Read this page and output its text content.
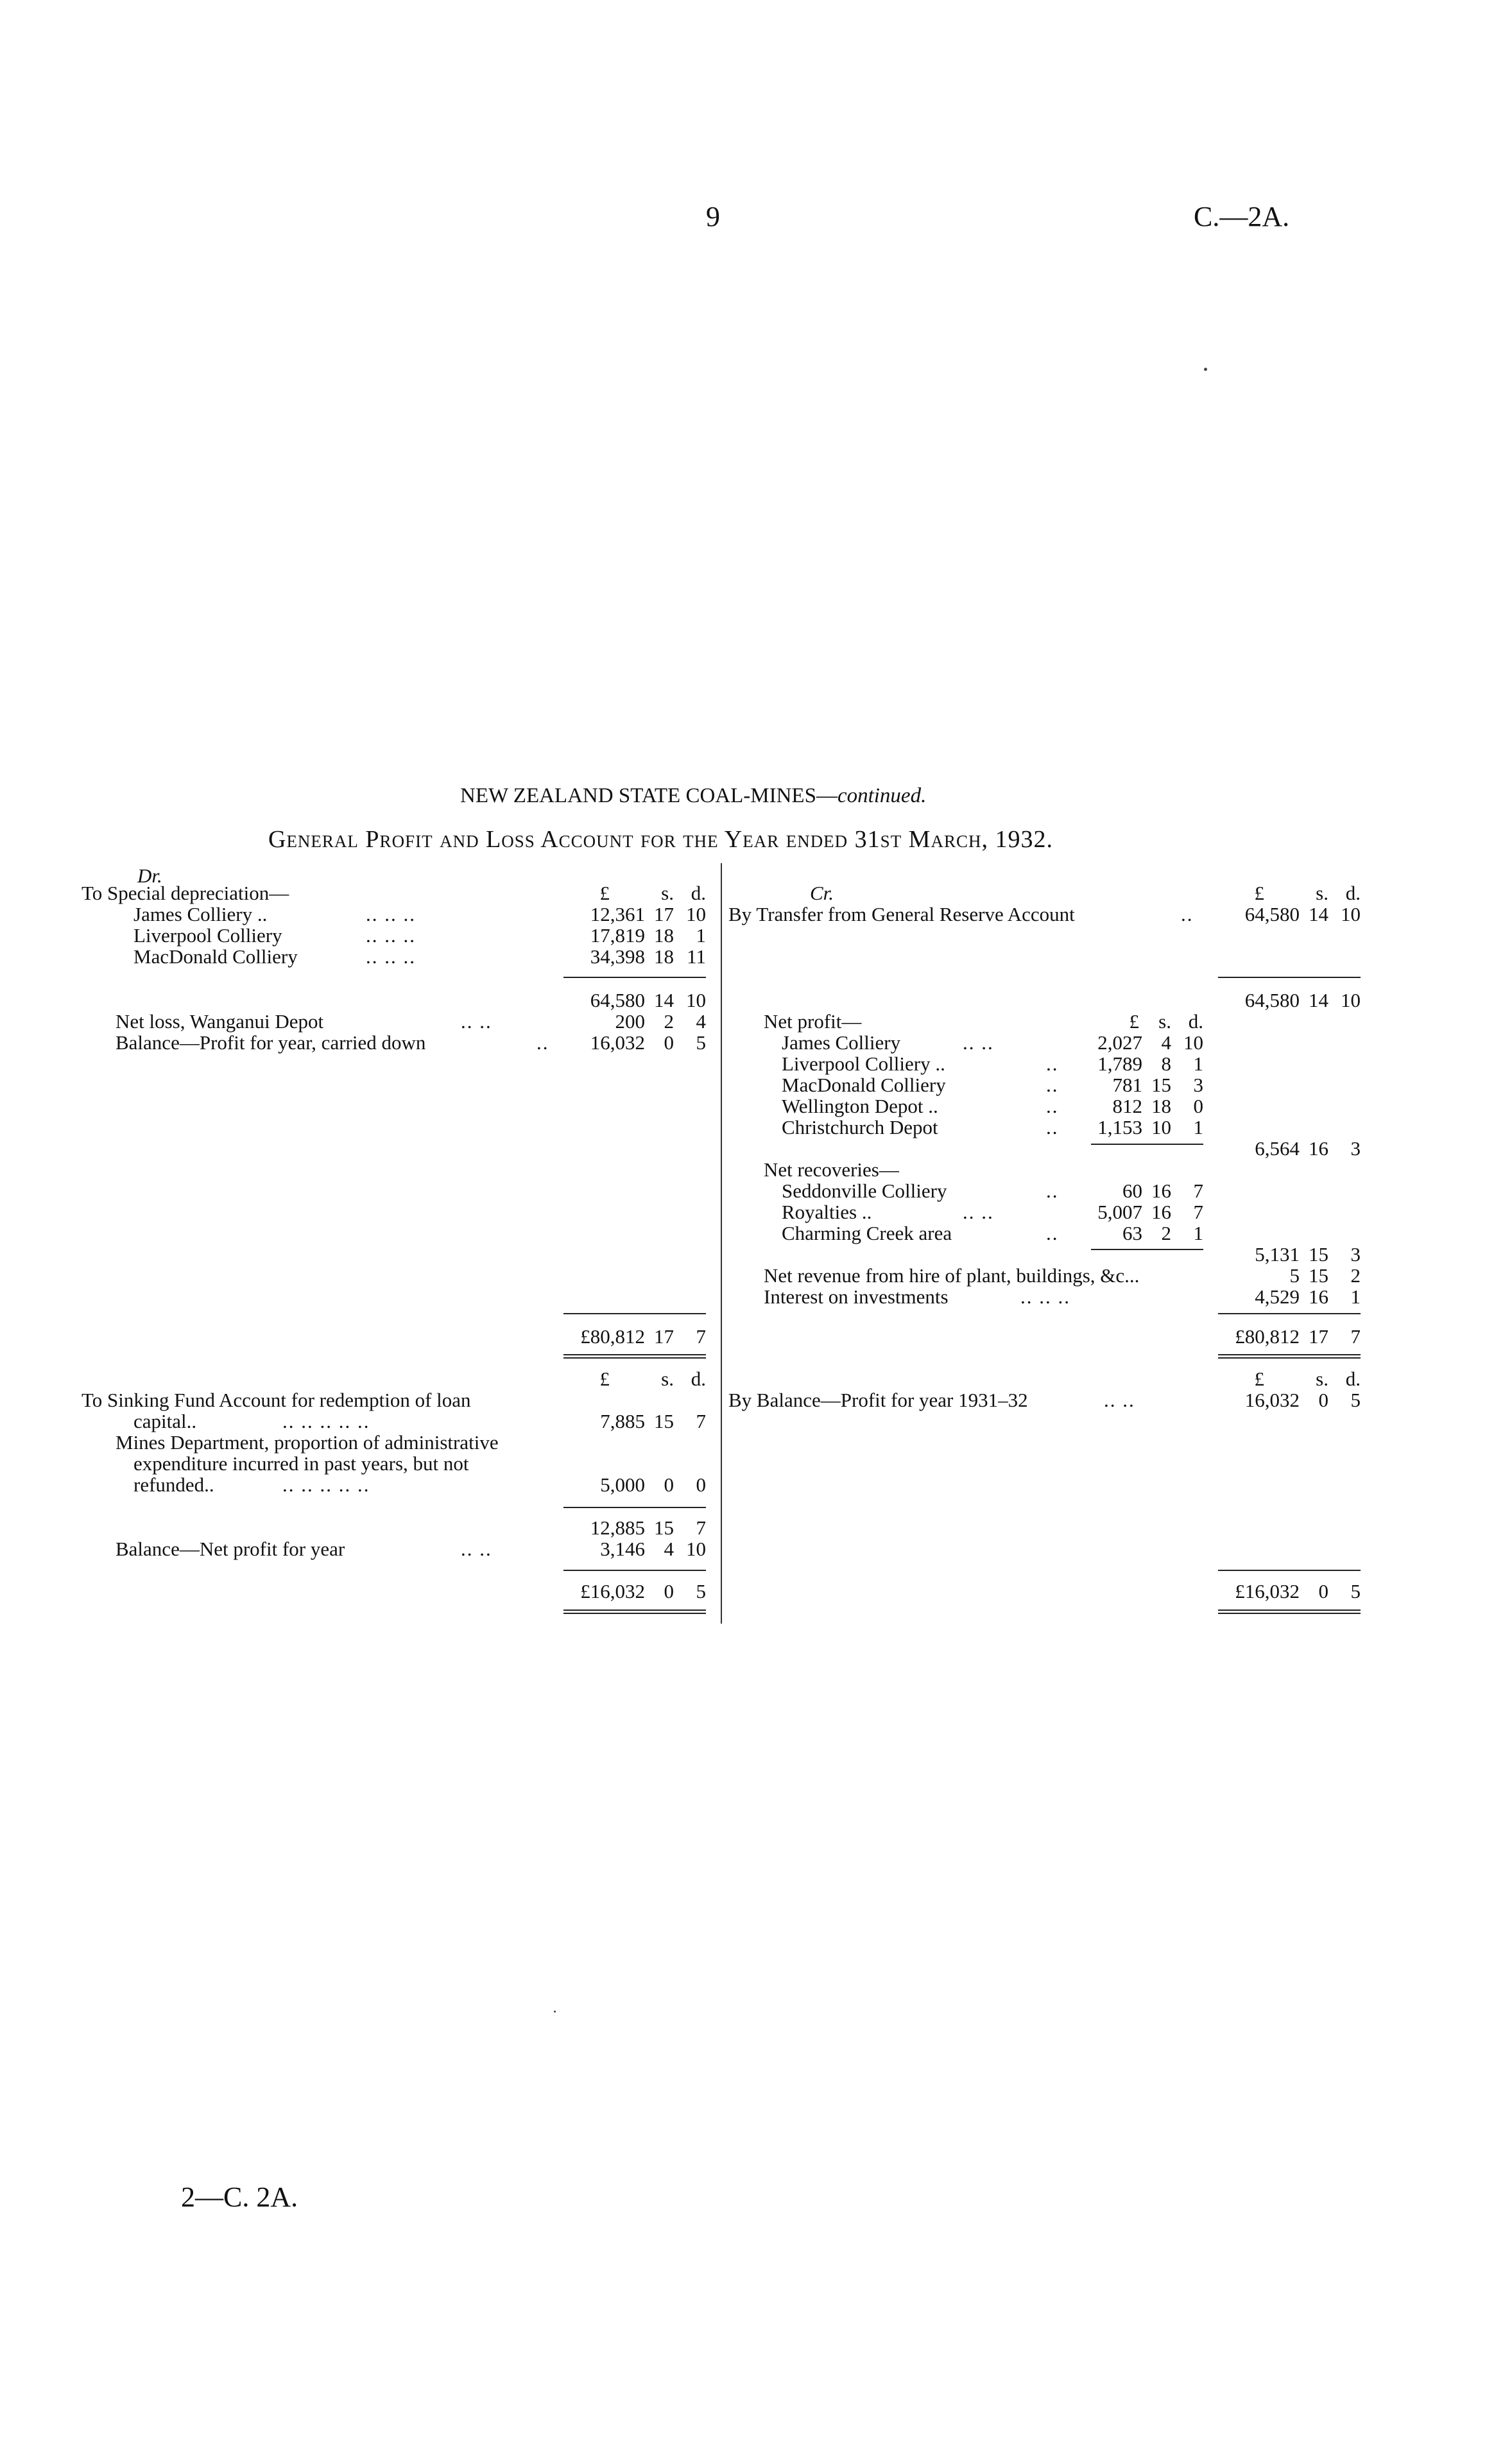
9	C.—2A.
NEW ZEALAND STATE COAL-MINES—continued.
General Profit and Loss Account for the Year ended 31st March, 1932.
Dr.
£	s. d.
To Special depreciation—
James Colliery ..	.. .. ..	12,361 17 10
Liverpool Colliery	.. .. ..	17,819 18	1
MacDonald Colliery	.. .. ..	34,398 18 11
64,580 14 10
Net loss, Wanganui Depot	.. ..	200 2	4
Balance—Profit for year, carried down	..	16,032 0	5
£80,812 17	7
£	s. d.
To Sinking Fund Account for redemption of loan
capital..	.. .. .. .. ..	7,885 15	7
Mines Department, proportion of administrative
expenditure incurred in past years, but not
refunded..	.. .. .. .. ..	5,000 0	0
12,885 15	7
Balance—Net profit for year	.. ..	3,146 4 10
£16,032 0	5
Cr.	£	s. d.
By Transfer from General Reserve Account	..	64,580 14 10
64,580 14 10
Net profit—	£ s. d.
James Colliery	.. ..	2,027 4 10
Liverpool Colliery ..	..	1,789 8	1
MacDonald Colliery	..	781 15	3
Wellington Depot ..	..	812 18	0
Christchurch Depot	..	1,153 10	1
6,564 16	3
Net recoveries—
Seddonville Colliery	..	60 16	7
Royalties ..	.. ..	5,007 16	7
Charming Creek area	..	63 2	1
5,131 15	3
Net revenue from hire of plant, buildings, &c...	5 15	2
Interest on investments	.. .. ..	4,529 16	1
£80,812 17	7
£	s. d.
By Balance—Profit for year 1931–32	.. ..	16,032 0	5
£16,032 0	5
2—C. 2A.
